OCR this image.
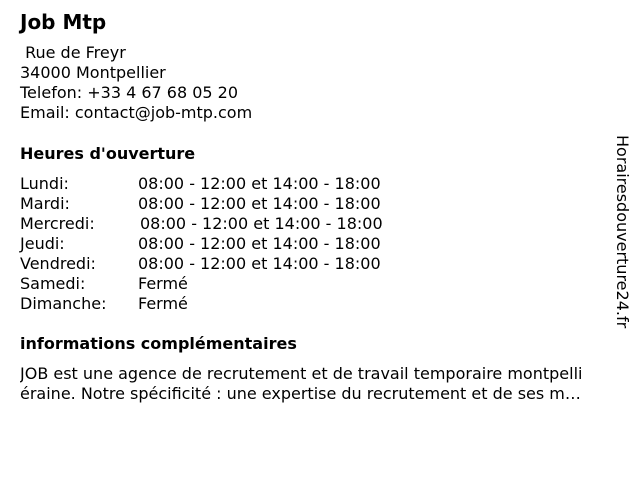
Job Mtp
Rue de Freyr
34000 Montpellier
Telefon: +33 4 67 68 05 20
Email: contact@job-mtp.com
Heures d'ouverture
Lundi:	08:00 - 12:00 et 14:00 - 18:00
Mardi:	08:00 - 12:00 et 14:00 - 18:00
Mercredi:	08:00 - 12:00 et 14:00 - 18:00
Jeudi:	08:00 - 12:00 et 14:00 - 18:00
Vendredi:	08:00 - 12:00 et 14:00 - 18:00
Samedi:	Fermé
Dimanche:	Fermé
informations complémentaires
JOB est une agence de recrutement et de travail temporaire montpelli
éraine. Notre spécificité : une expertise du recrutement et de ses m…
Horairesdouverture24.fr
